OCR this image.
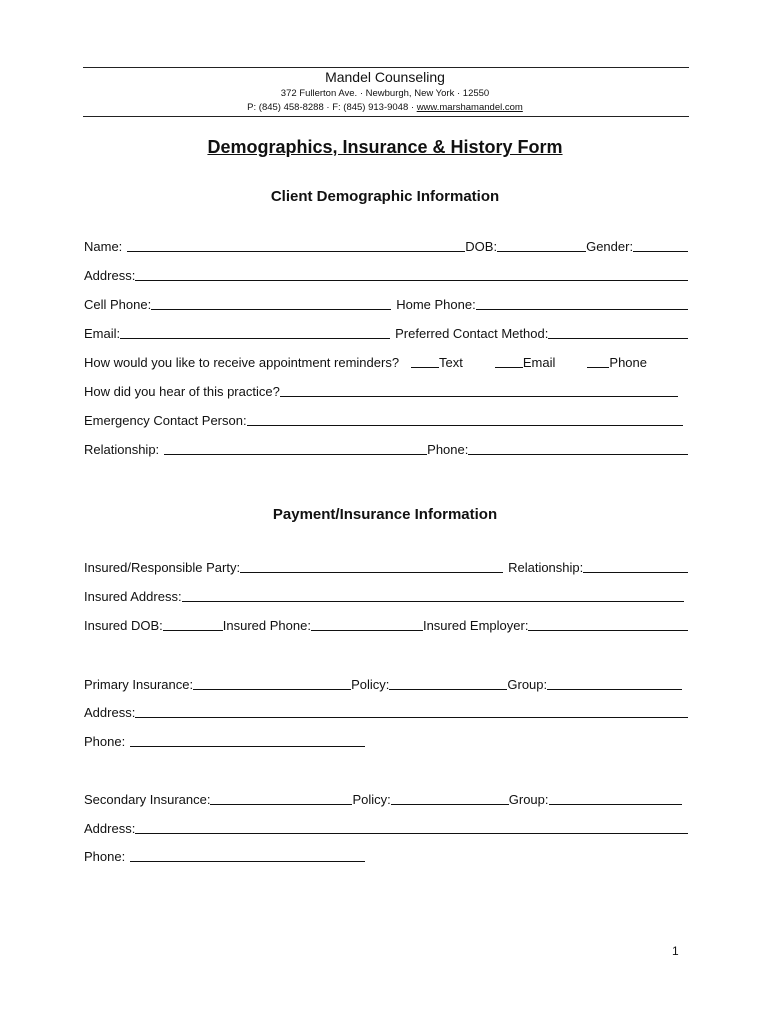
Mandel Counseling
372 Fullerton Ave. · Newburgh, New York · 12550
P: (845) 458-8288 · F: (845) 913-9048 · www.marshamandel.com
Demographics, Insurance & History Form
Client Demographic Information
Name:	DOB:	Gender:
Address:
Cell Phone:	Home Phone:
Email:	Preferred Contact Method:
How would you like to receive appointment reminders?	Text	Email	Phone
How did you hear of this practice?
Emergency Contact Person:
Relationship:	Phone:
Payment/Insurance Information
Insured/Responsible Party:	Relationship:
Insured Address:
Insured DOB:	Insured Phone:	Insured Employer:
Primary Insurance:	Policy:	Group:
Address:
Phone:
Secondary Insurance:	Policy:	Group:
Address:
Phone:
1
